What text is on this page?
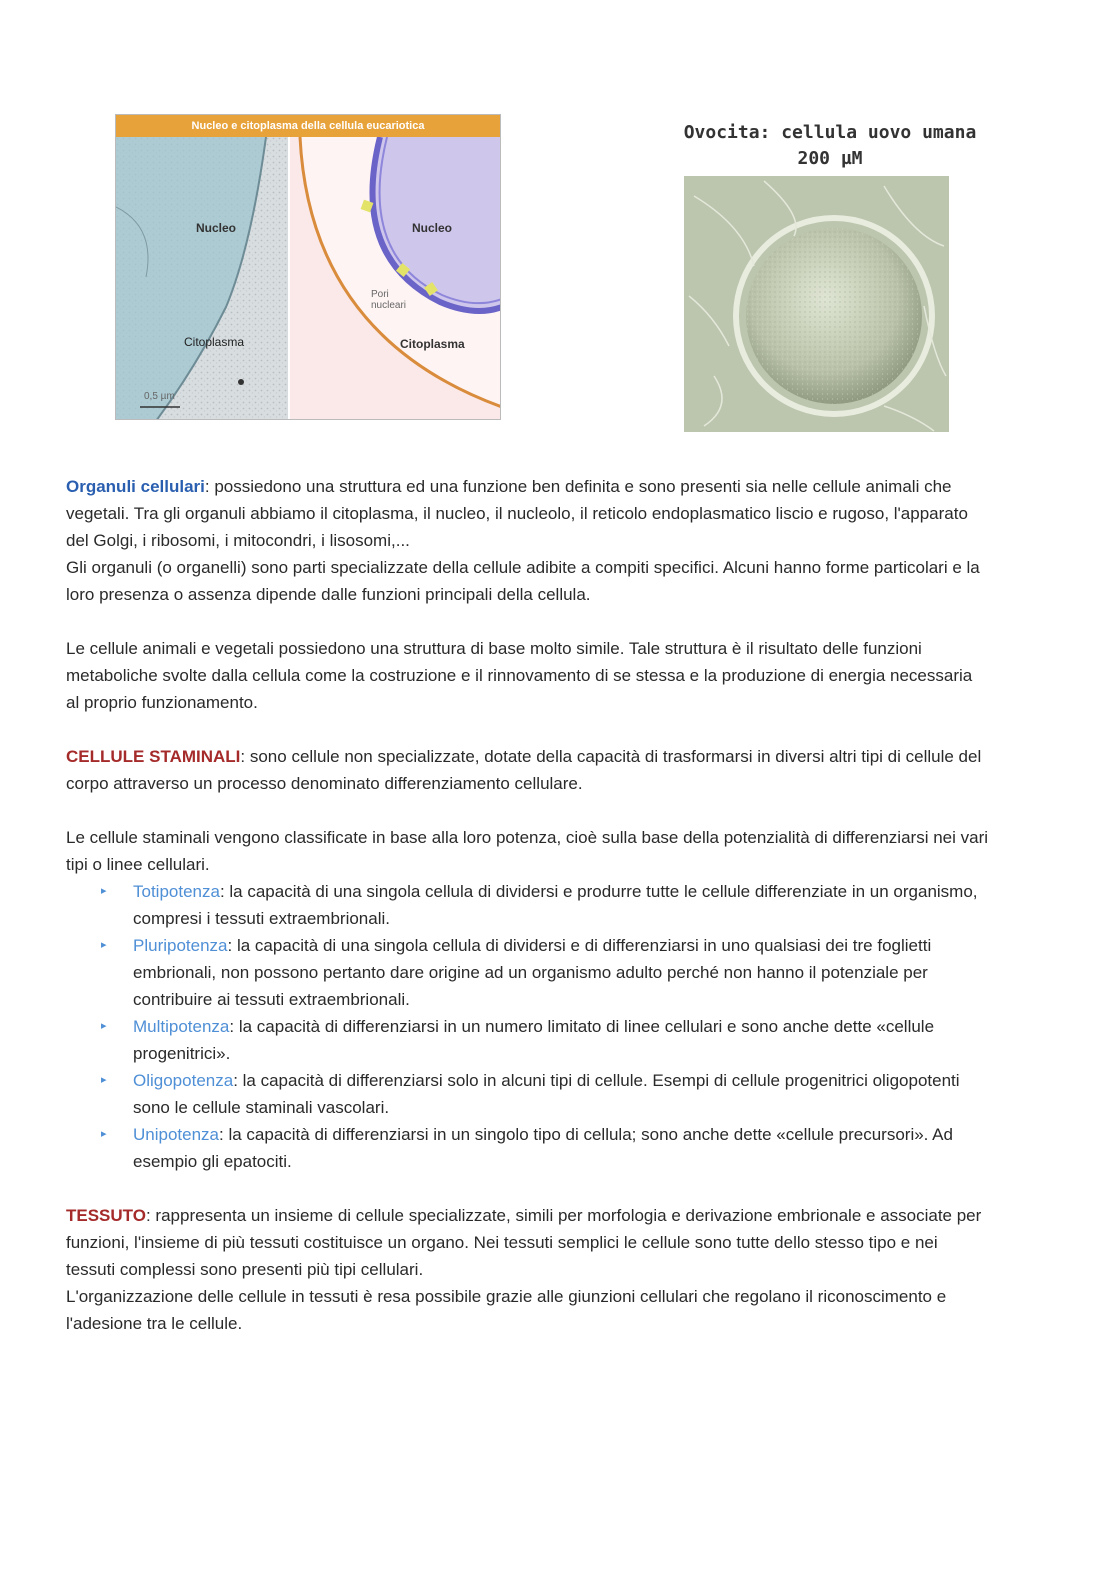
Nucleo e citoplasma della cellula eucariotica
Nucleo
Citoplasma
0,5 µm
Nucleo
Pori
nucleari
Citoplasma
Ovocita: cellula uovo umana
200 µM

Organuli cellulari: possiedono una struttura ed una funzione ben definita e sono presenti sia nelle cellule animali che vegetali. Tra gli organuli abbiamo il citoplasma, il nucleo, il nucleolo, il reticolo endoplasmatico liscio e rugoso, l'apparato del Golgi, i ribosomi, i mitocondri, i lisosomi,...
Gli organuli (o organelli) sono parti specializzate della cellule adibite a compiti specifici. Alcuni hanno forme particolari e la loro presenza o assenza dipende dalle funzioni principali della cellula.

Le cellule animali e vegetali possiedono una struttura di base molto simile. Tale struttura è il risultato delle funzioni metaboliche svolte dalla cellula come la costruzione e il rinnovamento di se stessa e la produzione di energia necessaria al proprio funzionamento.

CELLULE STAMINALI: sono cellule non specializzate, dotate della capacità di trasformarsi in diversi altri tipi di cellule del corpo attraverso un processo denominato differenziamento cellulare.

Le cellule staminali vengono classificate in base alla loro potenza, cioè sulla base della potenzialità di differenziarsi nei vari tipi o linee cellulari.

▸ Totipotenza: la capacità di una singola cellula di dividersi e produrre tutte le cellule differenziate in un organismo, compresi i tessuti extraembrionali.
▸ Pluripotenza: la capacità di una singola cellula di dividersi e di differenziarsi in uno qualsiasi dei tre foglietti embrionali, non possono pertanto dare origine ad un organismo adulto perché non hanno il potenziale per contribuire ai tessuti extraembrionali.
▸ Multipotenza: la capacità di differenziarsi in un numero limitato di linee cellulari e sono anche dette «cellule progenitrici».
▸ Oligopotenza: la capacità di differenziarsi solo in alcuni tipi di cellule. Esempi di cellule progenitrici oligopotenti sono le cellule staminali vascolari.
▸ Unipotenza: la capacità di differenziarsi in un singolo tipo di cellula; sono anche dette «cellule precursori». Ad esempio gli epatociti.

TESSUTO: rappresenta un insieme di cellule specializzate, simili per morfologia e derivazione embrionale e associate per funzioni, l'insieme di più tessuti costituisce un organo. Nei tessuti semplici le cellule sono tutte dello stesso tipo e nei tessuti complessi sono presenti più tipi cellulari.
L'organizzazione delle cellule in tessuti è resa possibile grazie alle giunzioni cellulari che regolano il riconoscimento e l'adesione tra le cellule.
